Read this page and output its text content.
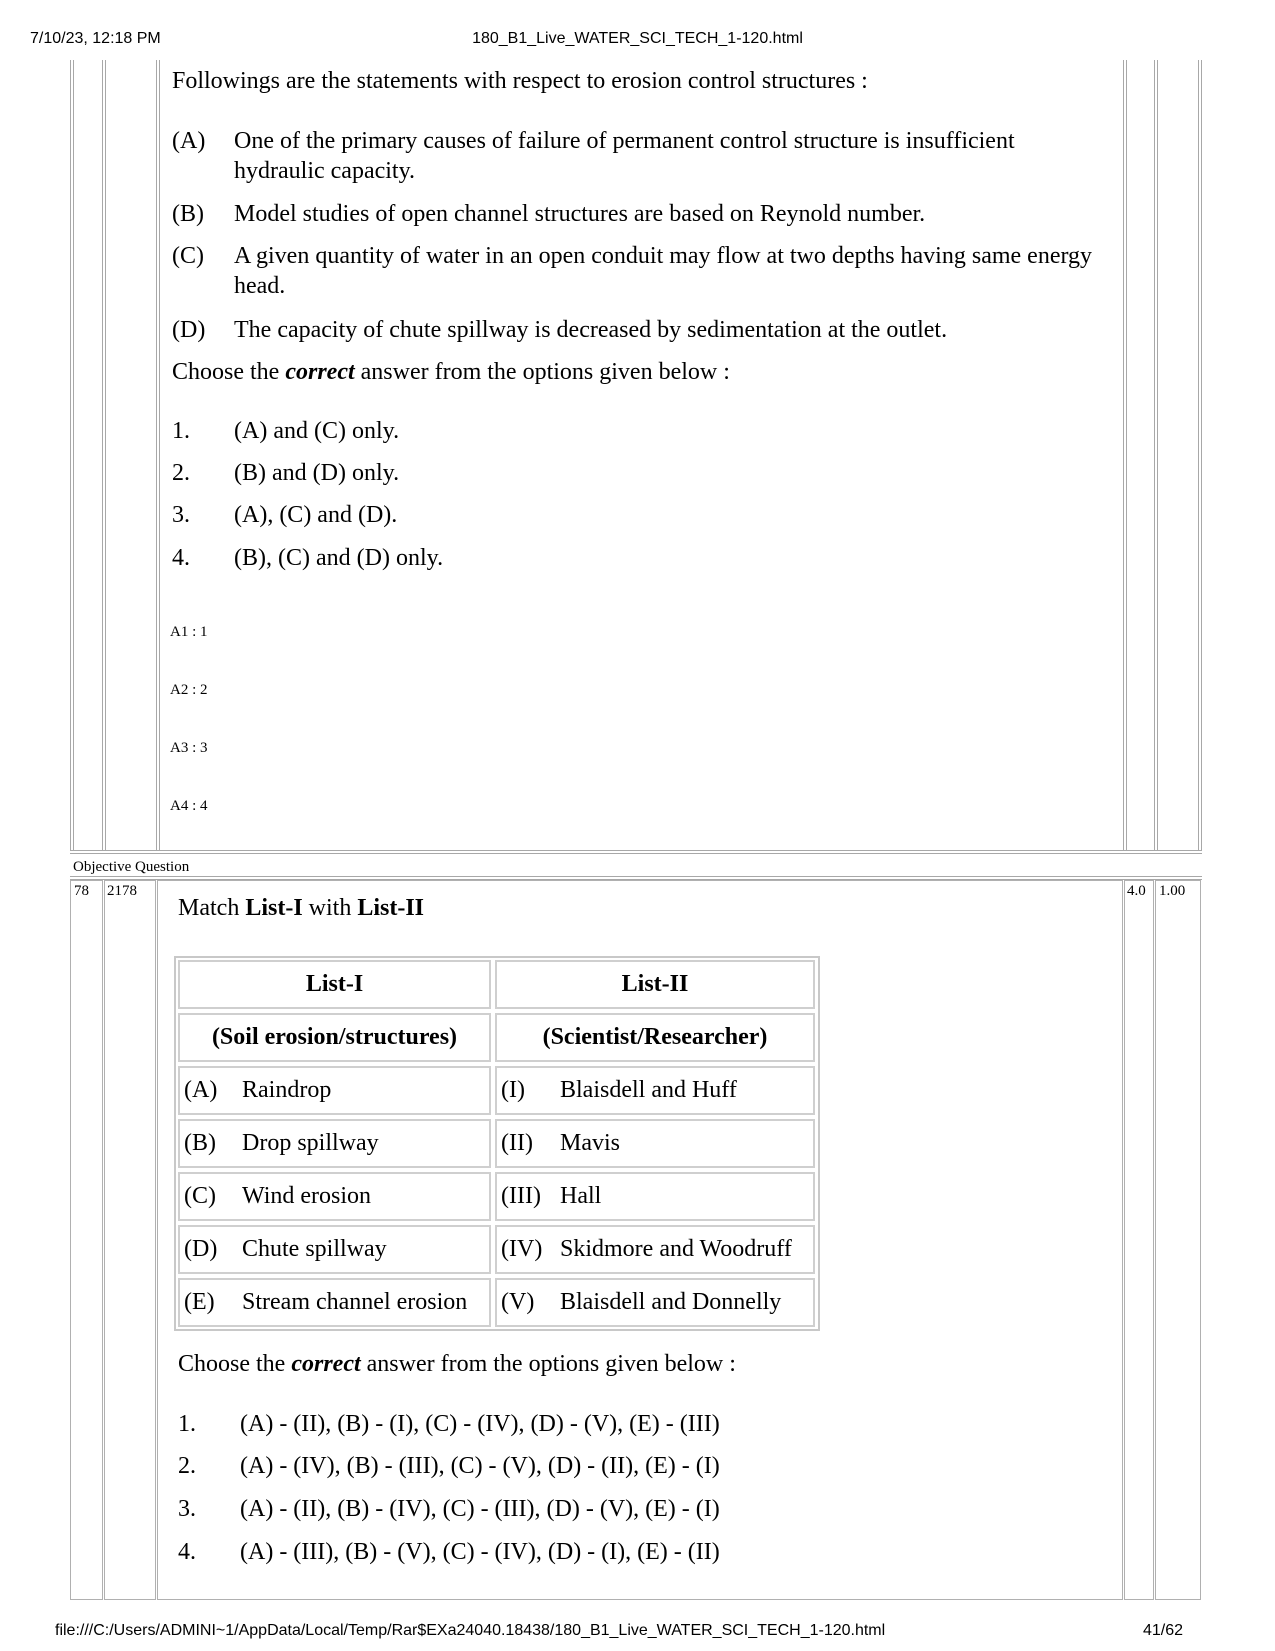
7/10/23, 12:18 PM	180_B1_Live_WATER_SCI_TECH_1-120.html
Followings are the statements with respect to erosion control structures :
(A) One of the primary causes of failure of permanent control structure is insufficient hydraulic capacity.
(B) Model studies of open channel structures are based on Reynold number.
(C) A given quantity of water in an open conduit may flow at two depths having same energy head.
(D) The capacity of chute spillway is decreased by sedimentation at the outlet.
Choose the correct answer from the options given below :
1. (A) and (C) only.
2. (B) and (D) only.
3. (A), (C) and (D).
4. (B), (C) and (D) only.
A1 : 1
A2 : 2
A3 : 3
A4 : 4
Objective Question
78 2178	4.0 1.00
Match List-I with List-II
List-I	List-II
(Soil erosion/structures)	(Scientist/Researcher)
(A) Raindrop	(I) Blaisdell and Huff
(B) Drop spillway	(II) Mavis
(C) Wind erosion	(III) Hall
(D) Chute spillway	(IV) Skidmore and Woodruff
(E) Stream channel erosion (V) Blaisdell and Donnelly
Choose the correct answer from the options given below :
1. (A) - (II), (B) - (I), (C) - (IV), (D) - (V), (E) - (III)
2. (A) - (IV), (B) - (III), (C) - (V), (D) - (II), (E) - (I)
3. (A) - (II), (B) - (IV), (C) - (III), (D) - (V), (E) - (I)
4. (A) - (III), (B) - (V), (C) - (IV), (D) - (I), (E) - (II)
file:///C:/Users/ADMINI~1/AppData/Local/Temp/Rar$EXa24040.18438/180_B1_Live_WATER_SCI_TECH_1-120.html	41/62
